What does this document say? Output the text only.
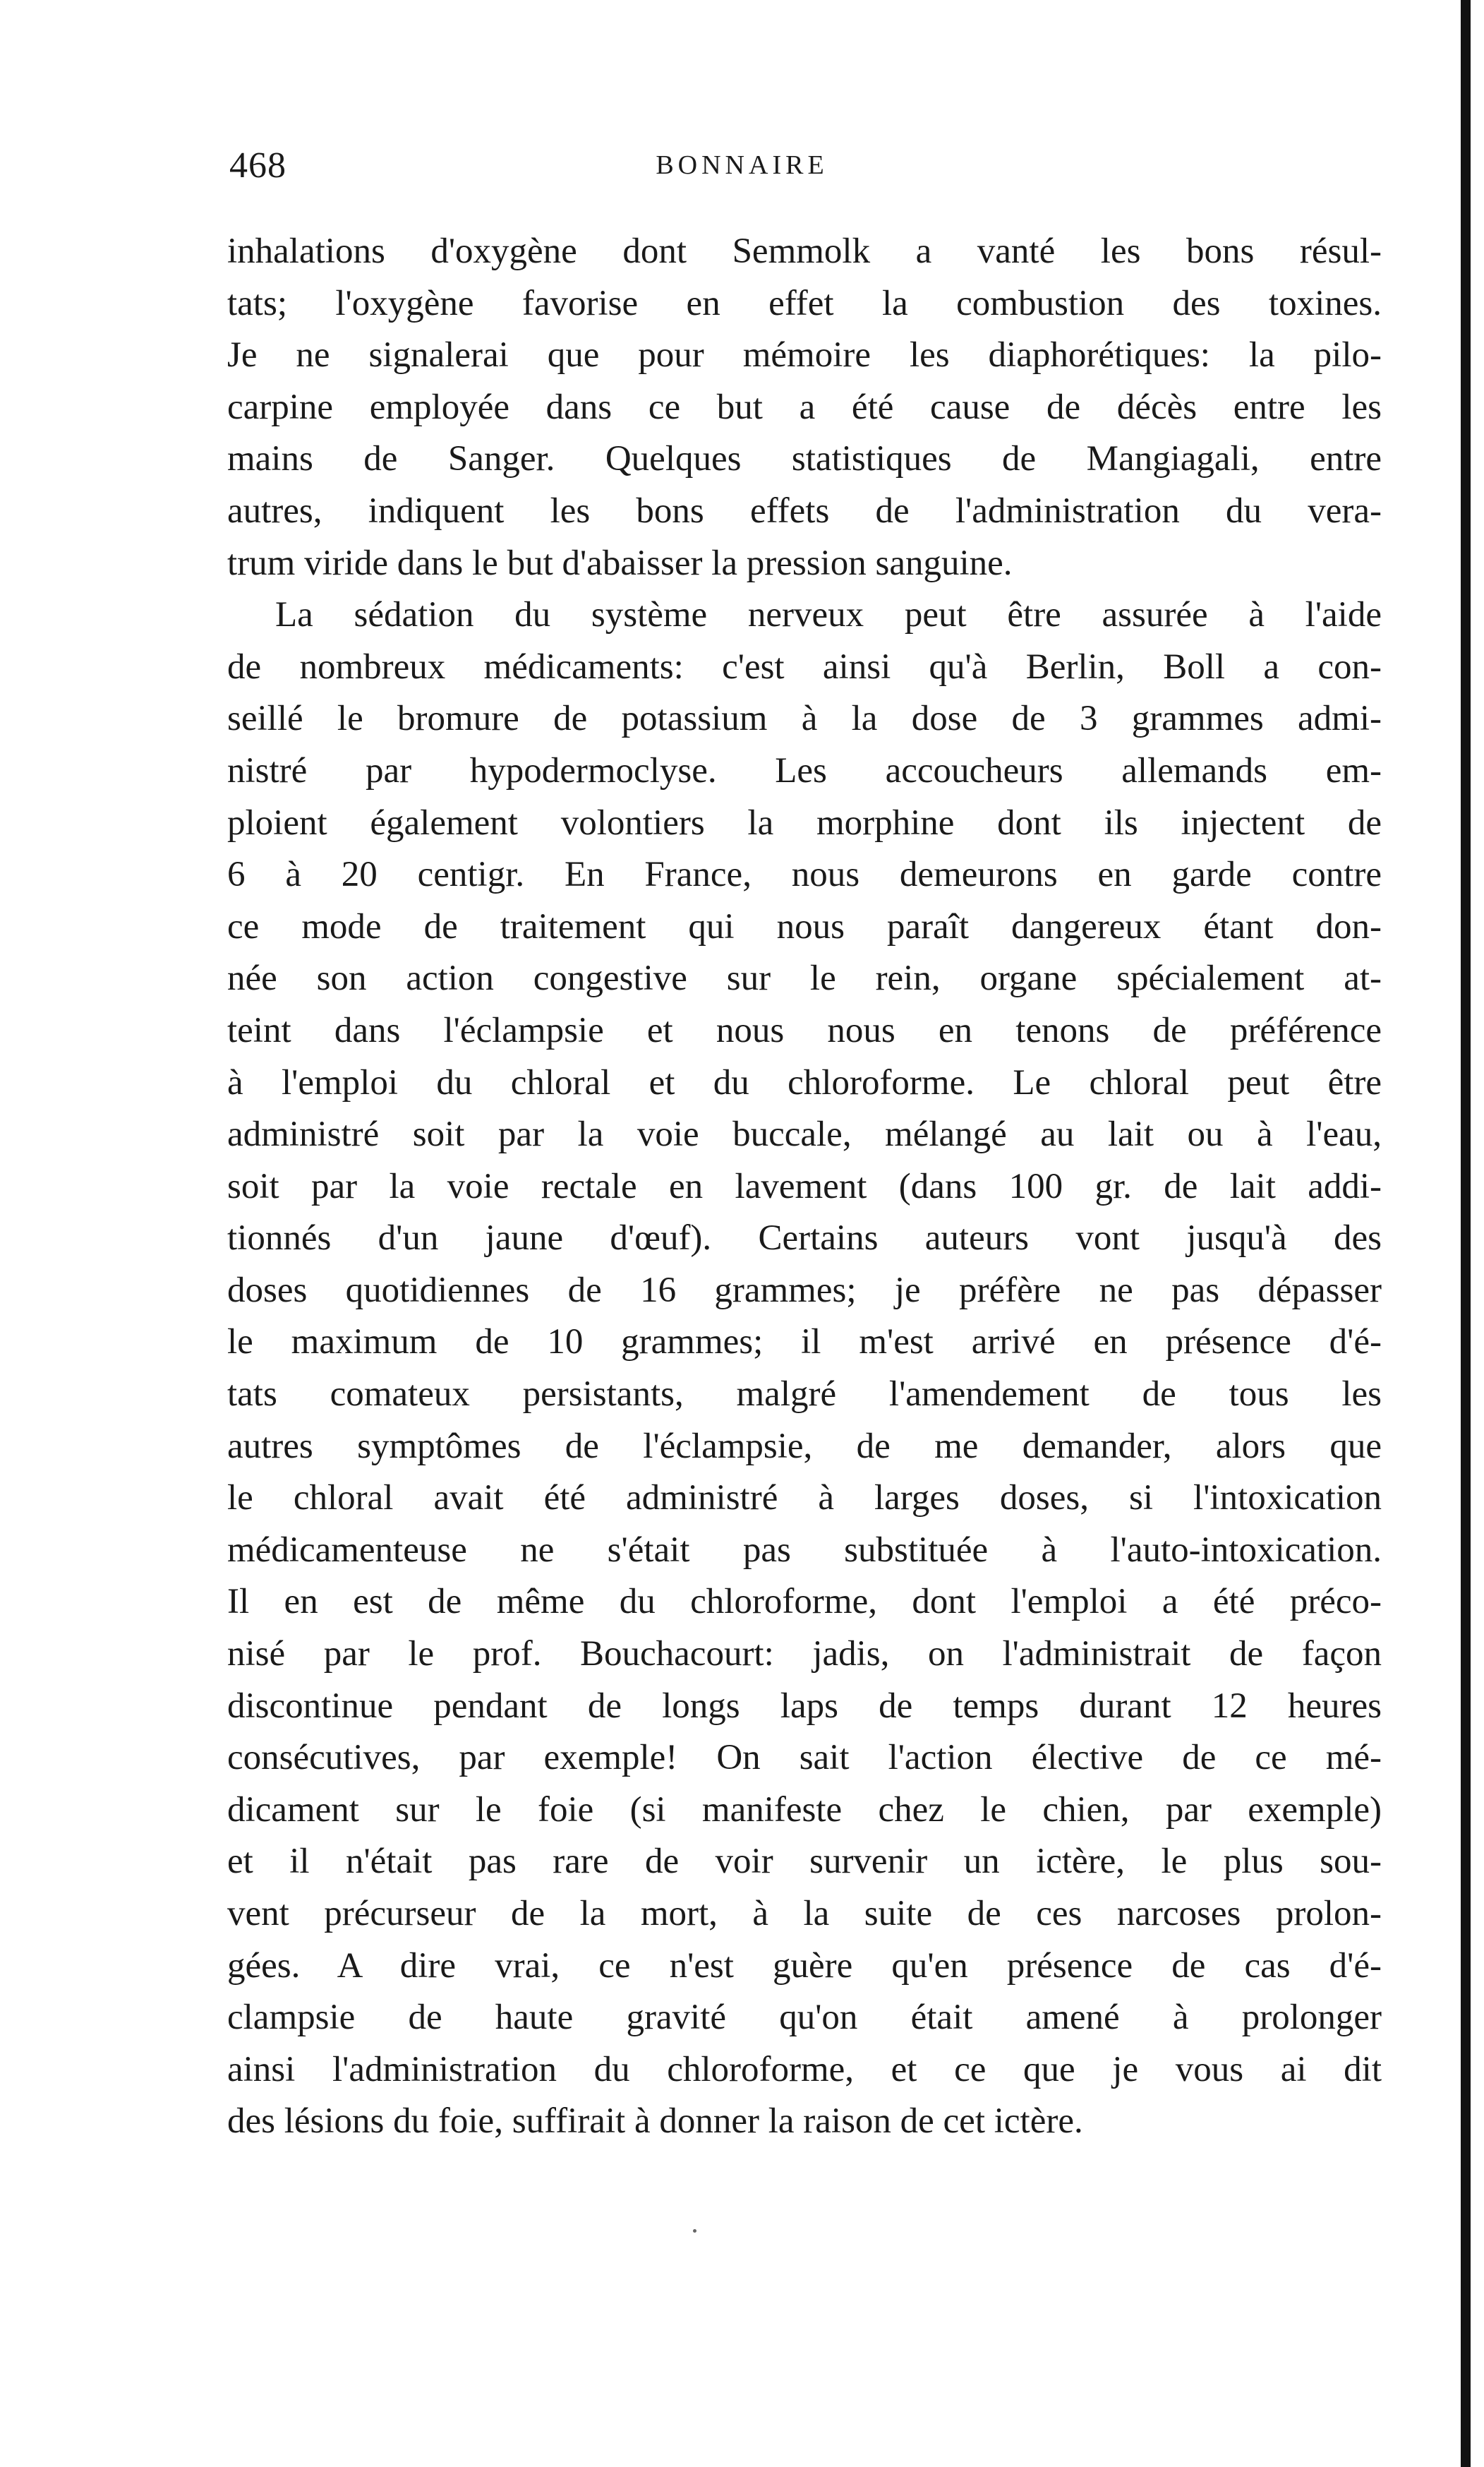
468	BONNAIRE
inhalations d'oxygène dont Semmolk a vanté les bons résul-
tats; l'oxygène favorise en effet la combustion des toxines.
Je ne signalerai que pour mémoire les diaphorétiques: la pilo-
carpine employée dans ce but a été cause de décès entre les
mains de Sanger. Quelques statistiques de Mangiagali, entre
autres, indiquent les bons effets de l'administration du vera-
trum viride dans le but d'abaisser la pression sanguine.
La sédation du système nerveux peut être assurée à l'aide
de nombreux médicaments: c'est ainsi qu'à Berlin, Boll a con-
seillé le bromure de potassium à la dose de 3 grammes admi-
nistré par hypodermoclyse. Les accoucheurs allemands em-
ploient également volontiers la morphine dont ils injectent de
6 à 20 centigr. En France, nous demeurons en garde contre
ce mode de traitement qui nous paraît dangereux étant don-
née son action congestive sur le rein, organe spécialement at-
teint dans l'éclampsie et nous nous en tenons de préférence
à l'emploi du chloral et du chloroforme. Le chloral peut être
administré soit par la voie buccale, mélangé au lait ou à l'eau,
soit par la voie rectale en lavement (dans 100 gr. de lait addi-
tionnés d'un jaune d'œuf). Certains auteurs vont jusqu'à des
doses quotidiennes de 16 grammes; je préfère ne pas dépasser
le maximum de 10 grammes; il m'est arrivé en présence d'é-
tats comateux persistants, malgré l'amendement de tous les
autres symptômes de l'éclampsie, de me demander, alors que
le chloral avait été administré à larges doses, si l'intoxication
médicamenteuse ne s'était pas substituée à l'auto-intoxication.
Il en est de même du chloroforme, dont l'emploi a été préco-
nisé par le prof. Bouchacourt: jadis, on l'administrait de façon
discontinue pendant de longs laps de temps durant 12 heures
consécutives, par exemple! On sait l'action élective de ce mé-
dicament sur le foie (si manifeste chez le chien, par exemple)
et il n'était pas rare de voir survenir un ictère, le plus sou-
vent précurseur de la mort, à la suite de ces narcoses prolon-
gées. A dire vrai, ce n'est guère qu'en présence de cas d'é-
clampsie de haute gravité qu'on était amené à prolonger
ainsi l'administration du chloroforme, et ce que je vous ai dit
des lésions du foie, suffirait à donner la raison de cet ictère.
